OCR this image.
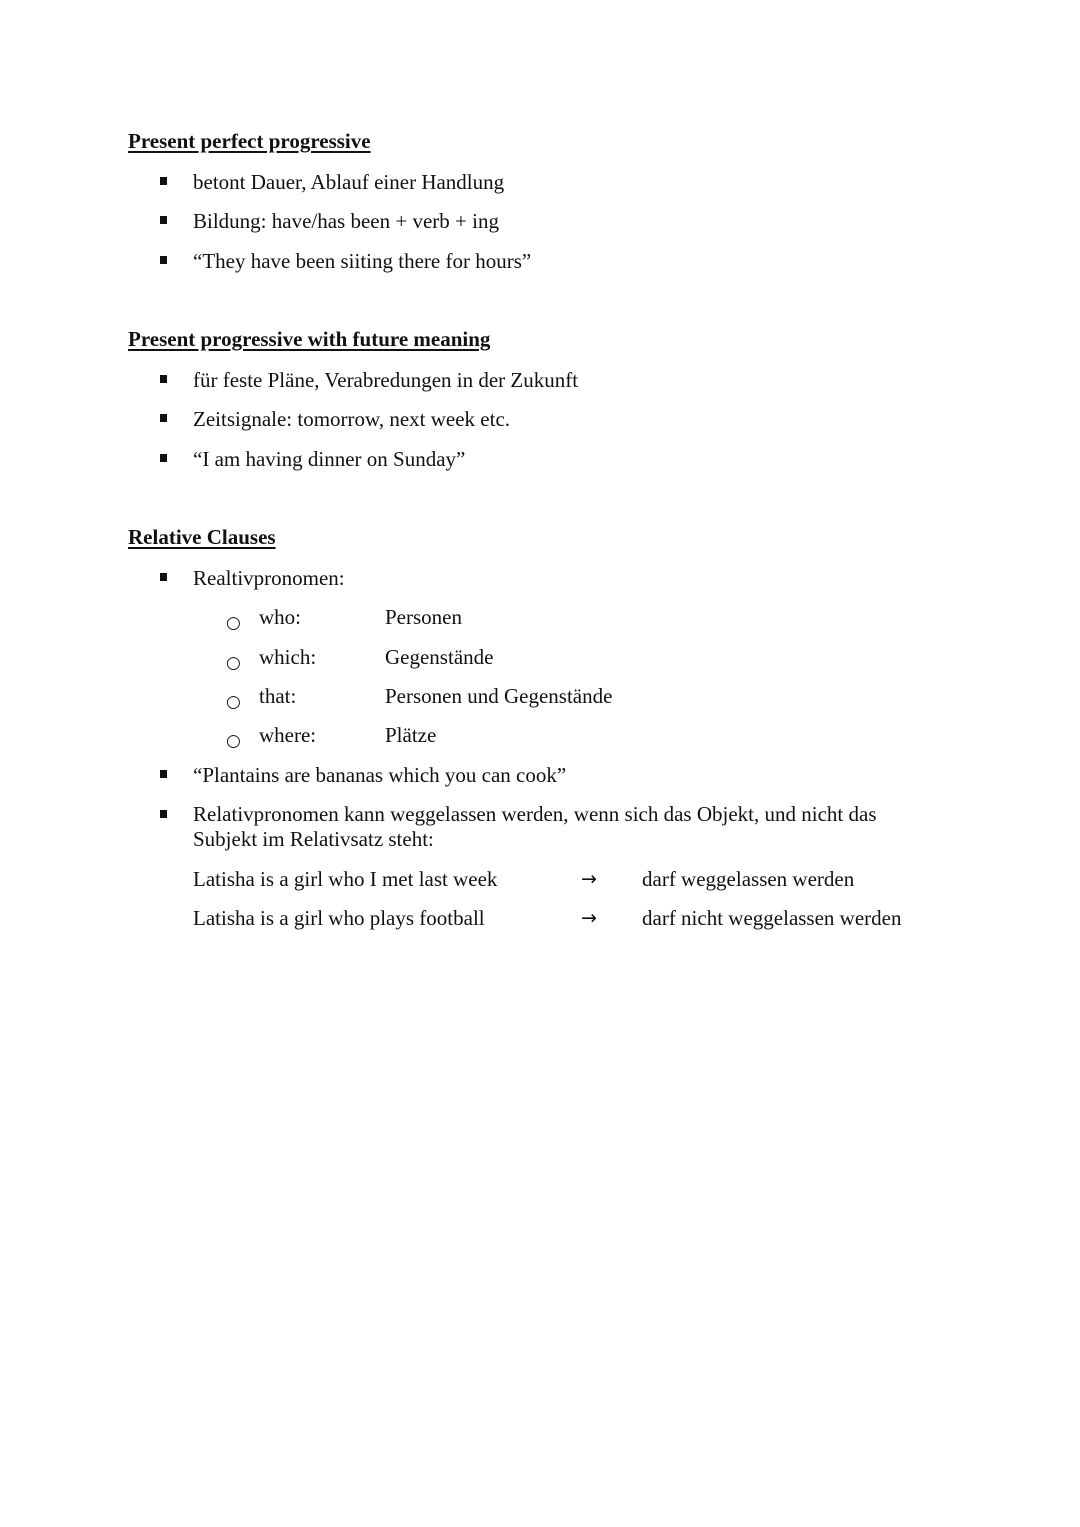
Present perfect progressive
betont Dauer, Ablauf einer Handlung
Bildung: have/has been + verb + ing
“They have been siiting there for hours”
Present progressive with future meaning
für feste Pläne, Verabredungen in der Zukunft
Zeitsignale: tomorrow, next week etc.
“I am having dinner on Sunday”
Relative Clauses
Realtivpronomen:
○ who:	Personen
○ which:	Gegenstände
○ that:	Personen und Gegenstände
○ where:	Plätze
“Plantains are bananas which you can cook”
Relativpronomen kann weggelassen werden, wenn sich das Objekt, und nicht das Subjekt im Relativsatz steht:
Latisha is a girl who I met last week	→ darf weggelassen werden
Latisha is a girl who plays football	→ darf nicht weggelassen werden
